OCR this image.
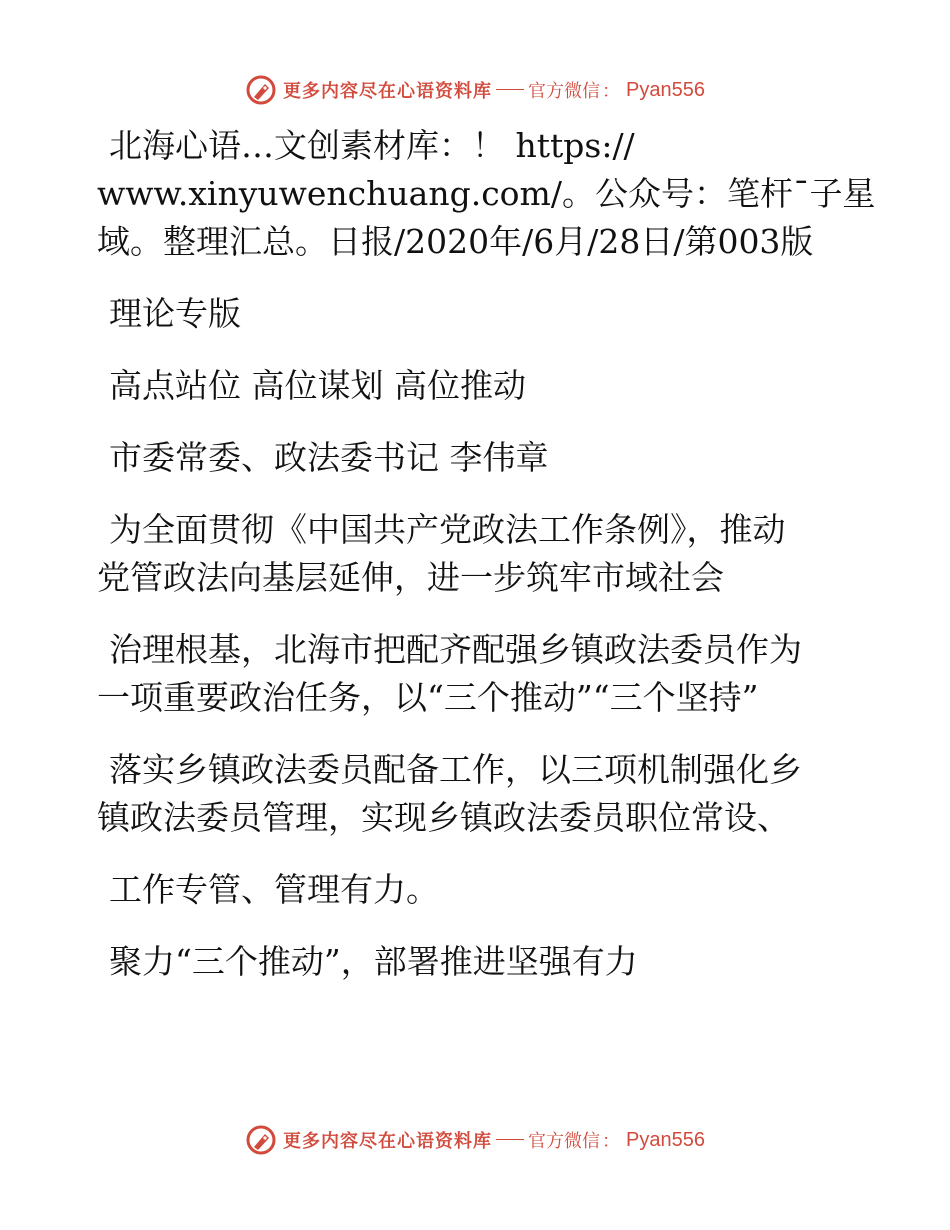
更多内容尽在心语资料库 官方微信 ： Pyan556
北海心语…文创素材库：！ https://
www.xinyuwenchuang.com/。公众号：笔杆¯子星
域。整理汇总。日报/2020年/6月/28日/第003版
理论专版
高点站位 高位谋划 高位推动
市委常委、政法委书记 李伟章
为全面贯彻《中国共产党政法工作条例》，推动
党管政法向基层延伸，进一步筑牢市域社会
治理根基，北海市把配齐配强乡镇政法委员作为
一项重要政治任务，以“三个推动”“三个坚持”
落实乡镇政法委员配备工作，以三项机制强化乡
镇政法委员管理，实现乡镇政法委员职位常设、
工作专管、管理有力。
聚力“三个推动”，部署推进坚强有力
更多内容尽在心语资料库 官方微信 ： Pyan556
